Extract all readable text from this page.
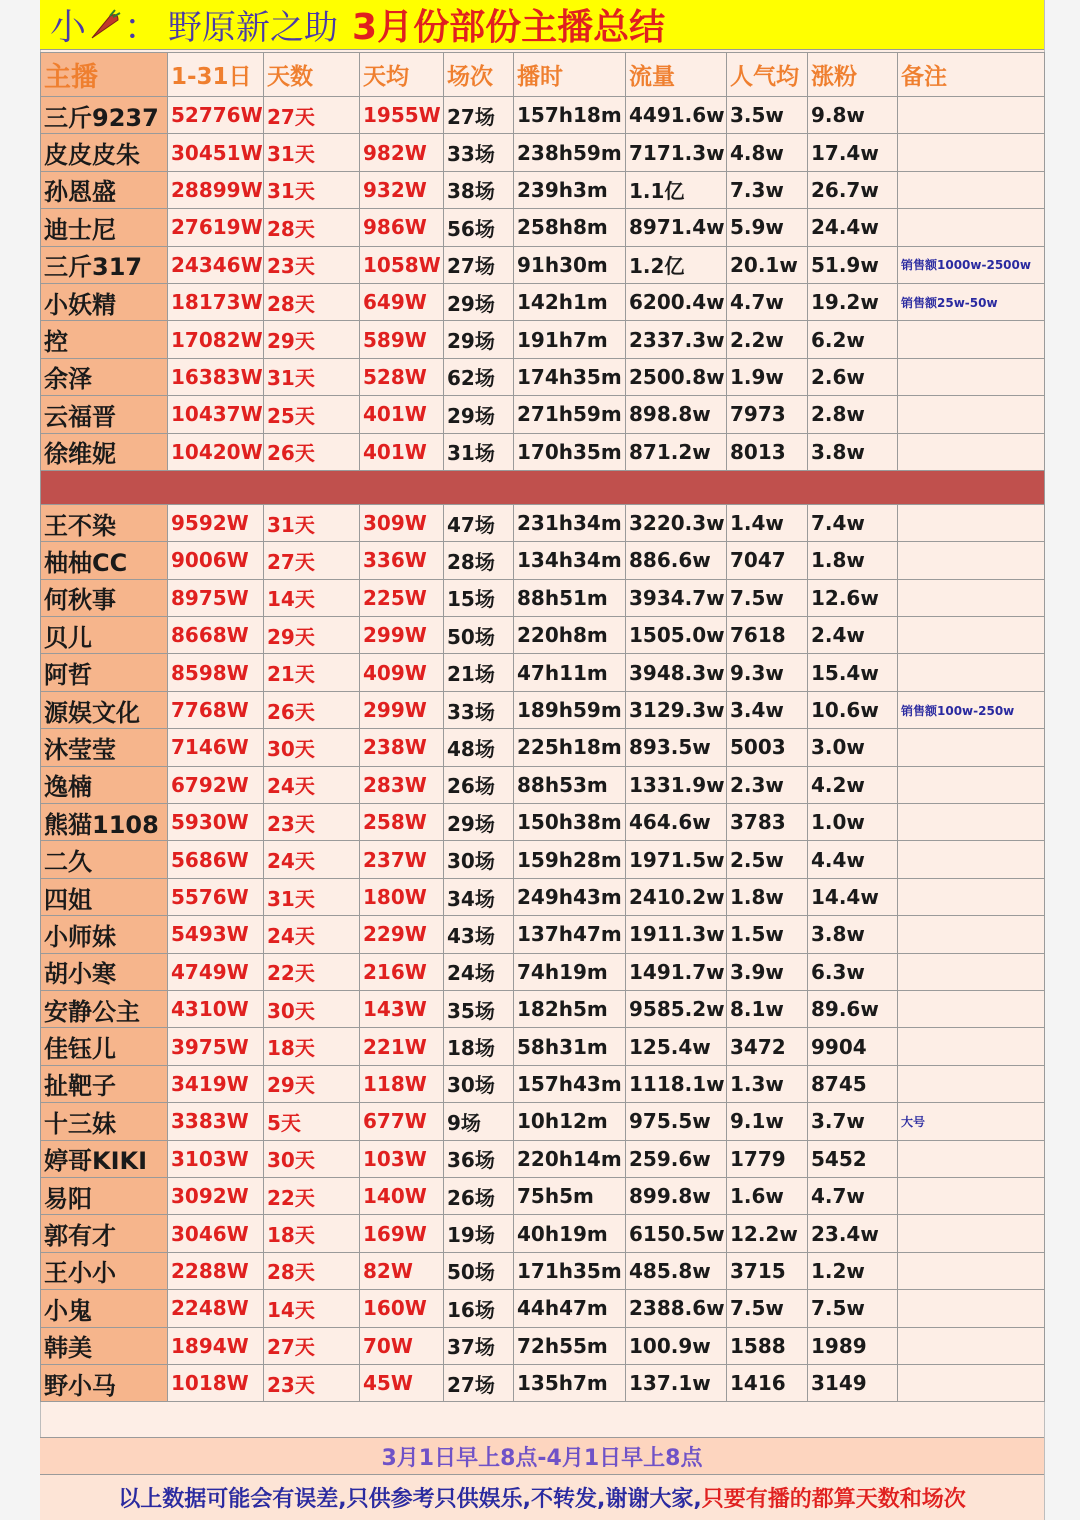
小 ： 野原新之助 3月份部份主播总结
主播	1-31日	天数	天均	场次	播时	流量	人气均	涨粉	备注
三斤9237	52776W	27天	1955W	27场	157h18m	4491.6w	3.5w	9.8w	
皮皮皮朱	30451W	31天	982W	33场	238h59m	7171.3w	4.8w	17.4w	
孙恩盛	28899W	31天	932W	38场	239h3m	1.1亿	7.3w	26.7w	
迪士尼	27619W	28天	986W	56场	258h8m	8971.4w	5.9w	24.4w	
三斤317	24346W	23天	1058W	27场	91h30m	1.2亿	20.1w	51.9w	销售额1000w-2500w
小妖精	18173W	28天	649W	29场	142h1m	6200.4w	4.7w	19.2w	销售额25w-50w
控	17082W	29天	589W	29场	191h7m	2337.3w	2.2w	6.2w	
余泽	16383W	31天	528W	62场	174h35m	2500.8w	1.9w	2.6w	
云福晋	10437W	25天	401W	29场	271h59m	898.8w	7973	2.8w	
徐维妮	10420W	26天	401W	31场	170h35m	871.2w	8013	3.8w	

王不染	9592W	31天	309W	47场	231h34m	3220.3w	1.4w	7.4w	
柚柚CC	9006W	27天	336W	28场	134h34m	886.6w	7047	1.8w	
何秋事	8975W	14天	225W	15场	88h51m	3934.7w	7.5w	12.6w	
贝儿	8668W	29天	299W	50场	220h8m	1505.0w	7618	2.4w	
阿哲	8598W	21天	409W	21场	47h11m	3948.3w	9.3w	15.4w	
源娱文化	7768W	26天	299W	33场	189h59m	3129.3w	3.4w	10.6w	销售额100w-250w
沐莹莹	7146W	30天	238W	48场	225h18m	893.5w	5003	3.0w	
逸楠	6792W	24天	283W	26场	88h53m	1331.9w	2.3w	4.2w	
熊猫1108	5930W	23天	258W	29场	150h38m	464.6w	3783	1.0w	
二久	5686W	24天	237W	30场	159h28m	1971.5w	2.5w	4.4w	
四姐	5576W	31天	180W	34场	249h43m	2410.2w	1.8w	14.4w	
小师妹	5493W	24天	229W	43场	137h47m	1911.3w	1.5w	3.8w	
胡小寒	4749W	22天	216W	24场	74h19m	1491.7w	3.9w	6.3w	
安静公主	4310W	30天	143W	35场	182h5m	9585.2w	8.1w	89.6w	
佳钰儿	3975W	18天	221W	18场	58h31m	125.4w	3472	9904	
扯靶子	3419W	29天	118W	30场	157h43m	1118.1w	1.3w	8745	
十三妹	3383W	5天	677W	9场	10h12m	975.5w	9.1w	3.7w	大号
婷哥KIKI	3103W	30天	103W	36场	220h14m	259.6w	1779	5452	
易阳	3092W	22天	140W	26场	75h5m	899.8w	1.6w	4.7w	
郭有才	3046W	18天	169W	19场	40h19m	6150.5w	12.2w	23.4w	
王小小	2288W	28天	82W	50场	171h35m	485.8w	3715	1.2w	
小鬼	2248W	14天	160W	16场	44h47m	2388.6w	7.5w	7.5w	
韩美	1894W	27天	70W	37场	72h55m	100.9w	1588	1989	
野小马	1018W	23天	45W	27场	135h7m	137.1w	1416	3149	
3月1日早上8点-4月1日早上8点
以上数据可能会有误差,只供参考只供娱乐,不转发,谢谢大家, 只要有播的都算天数和场次
